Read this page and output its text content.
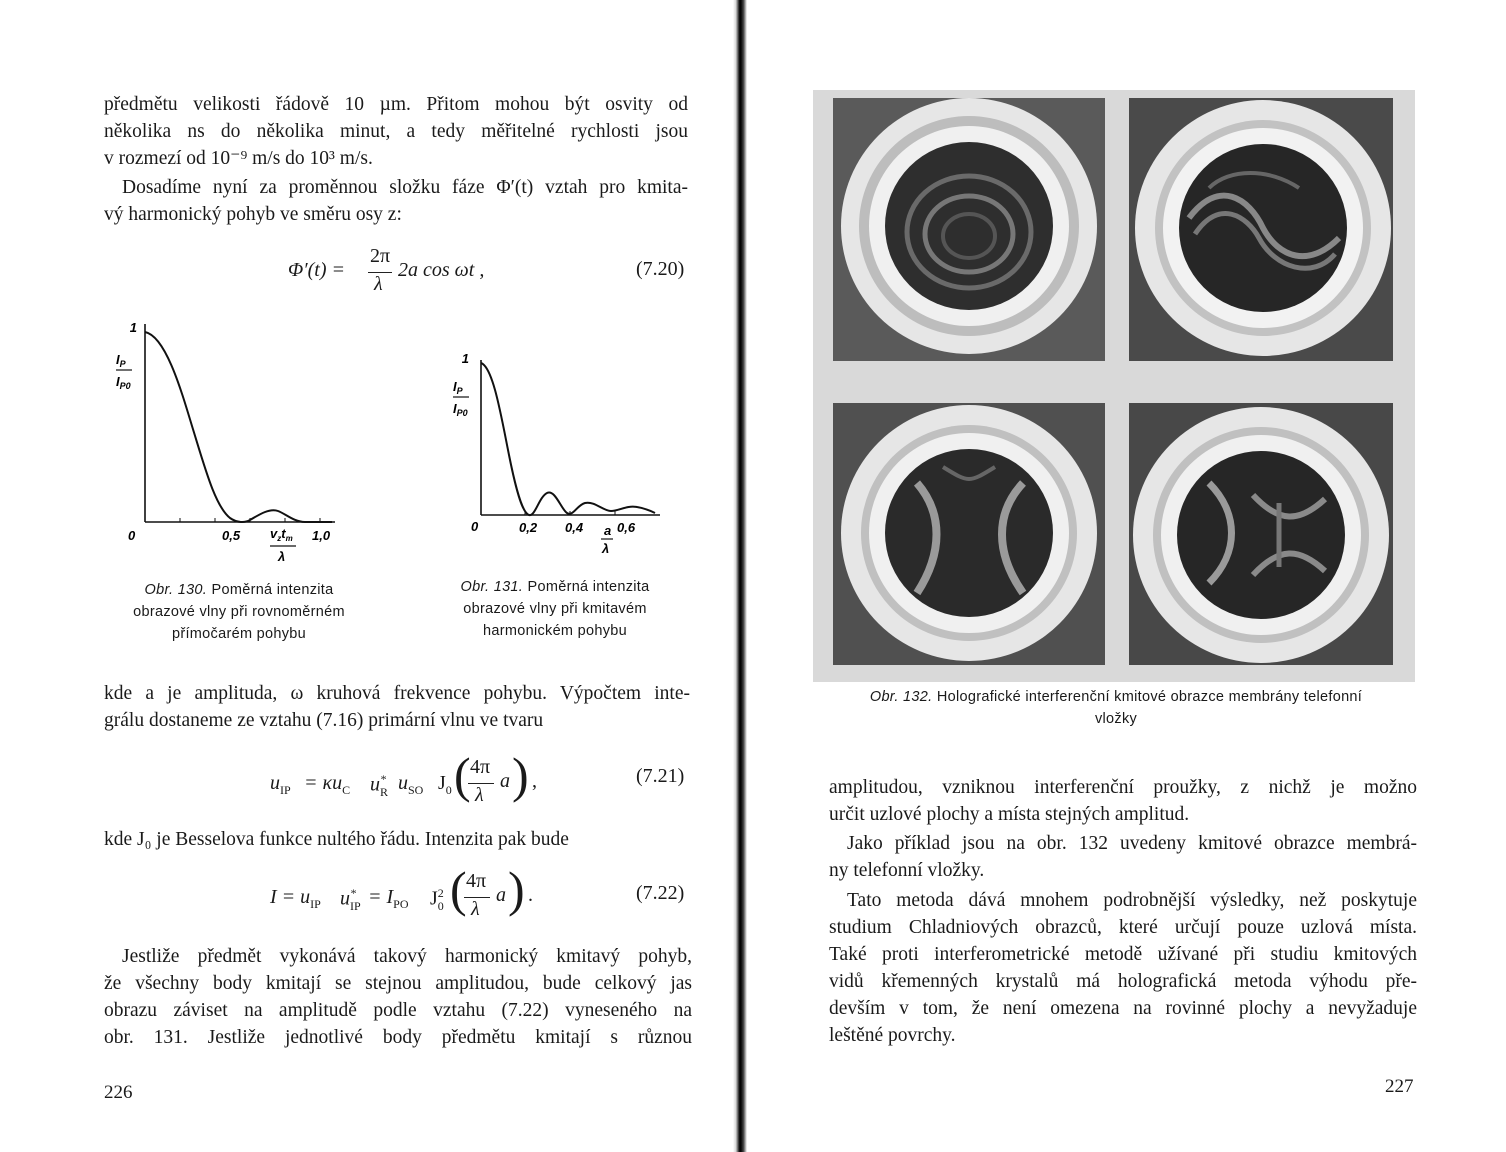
předmětu velikosti řádově 10 µm. Přitom mohou být osvity od
několika ns do několika minut, a tedy měřitelné rychlosti jsou
v rozmezí od 10⁻⁹ m/s do 10³ m/s.

Dosadíme nyní za proměnnou složku fáze Φ′(t) vztah pro kmita-
vý harmonický pohyb ve směru osy z:

Φ′(t) =
2π
λ
2a cos ωt ,	(7.20)
1
$I_P$
$I_{P0}$
0	0,5	1,0
$v_zt_m$
λ
Obr. 130. Poměrná intenzita
obrazové vlny při rovnoměrném
přímočarém pohybu
1
$I_P$
$I_{P0}$
0	0,2 0,4	0,6
a
λ
Obr. 131. Poměrná intenzita
obrazové vlny při kmitavém
harmonickém pohybu

kde a je amplituda, ω kruhová frekvence pohybu. Výpočtem inte-
grálu dostaneme ze vztahu (7.16) primární vlnu ve tvaru

$u_{IP} = \kappa u_C$ $u^*_R$ $u_{SO}$ $J_0$ ( 4π
λ
a ) ,	(7.21)

kde J₀ je Besselova funkce nultého řádu. Intenzita pak bude

$I = u_{IP}$ $u^*_{IP} = I_{PO}$ $J^2_0$ ( 4π
λ
a ) .	(7.22)

Jestliže předmět vykonává takový harmonický kmitavý pohyb,
že všechny body kmitají se stejnou amplitudou, bude celkový jas
obrazu záviset na amplitudě podle vztahu (7.22) vyneseného na
obr. 131. Jestliže jednotlivé body předmětu kmitají s různou

226
Obr. 132. Holografické interferenční kmitové obrazce membrány telefonní
vložky

amplitudou, vzniknou interferenční proužky, z nichž je možno
určit uzlové plochy a místa stejných amplitud.

Jako příklad jsou na obr. 132 uvedeny kmitové obrazce membrá-
ny telefonní vložky.

Tato metoda dává mnohem podrobnější výsledky, než poskytuje
studium Chladniových obrazců, které určují pouze uzlová místa.
Také proti interferometrické metodě užívané při studiu kmitových
vidů křemenných krystalů má holografická metoda výhodu pře-
devším v tom, že není omezena na rovinné plochy a nevyžaduje
leštěné povrchy.

227
